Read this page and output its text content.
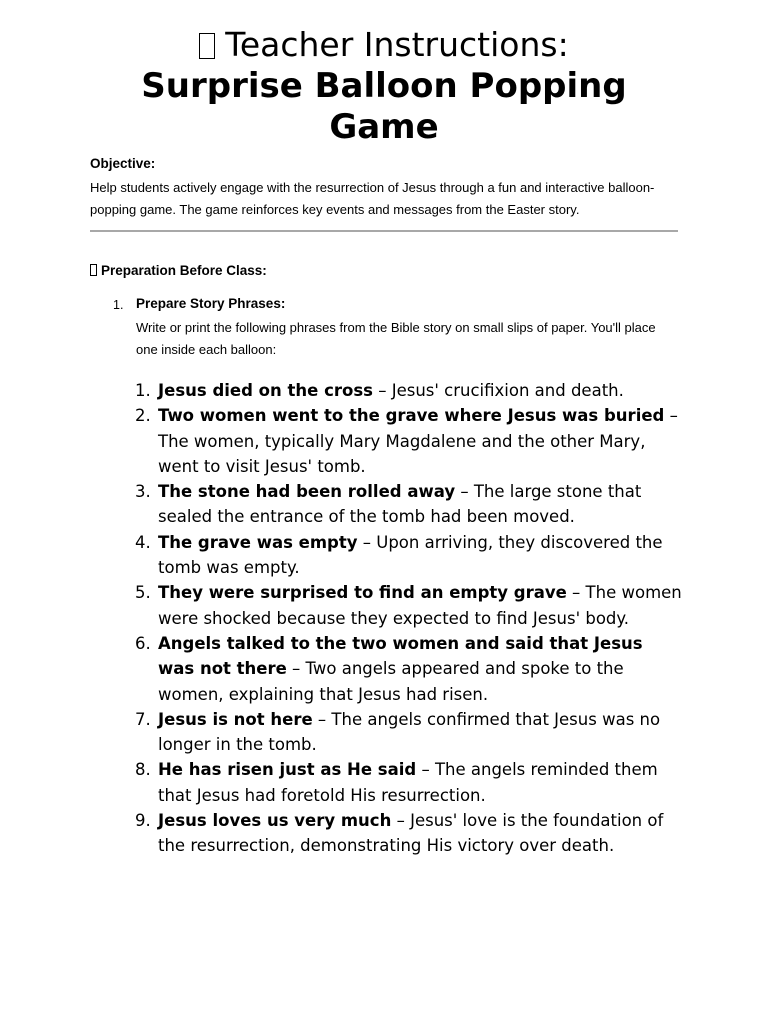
Teacher Instructions:
Surprise Balloon Popping Game
Objective:
Help students actively engage with the resurrection of Jesus through a fun and interactive balloon-popping game. The game reinforces key events and messages from the Easter story.
Preparation Before Class:
1. Prepare Story Phrases:
Write or print the following phrases from the Bible story on small slips of paper. You'll place one inside each balloon:
1. Jesus died on the cross – Jesus' crucifixion and death.
2. Two women went to the grave where Jesus was buried – The women, typically Mary Magdalene and the other Mary, went to visit Jesus' tomb.
3. The stone had been rolled away – The large stone that sealed the entrance of the tomb had been moved.
4. The grave was empty – Upon arriving, they discovered the tomb was empty.
5. They were surprised to find an empty grave – The women were shocked because they expected to find Jesus' body.
6. Angels talked to the two women and said that Jesus was not there – Two angels appeared and spoke to the women, explaining that Jesus had risen.
7. Jesus is not here – The angels confirmed that Jesus was no longer in the tomb.
8. He has risen just as He said – The angels reminded them that Jesus had foretold His resurrection.
9. Jesus loves us very much – Jesus' love is the foundation of the resurrection, demonstrating His victory over death.
